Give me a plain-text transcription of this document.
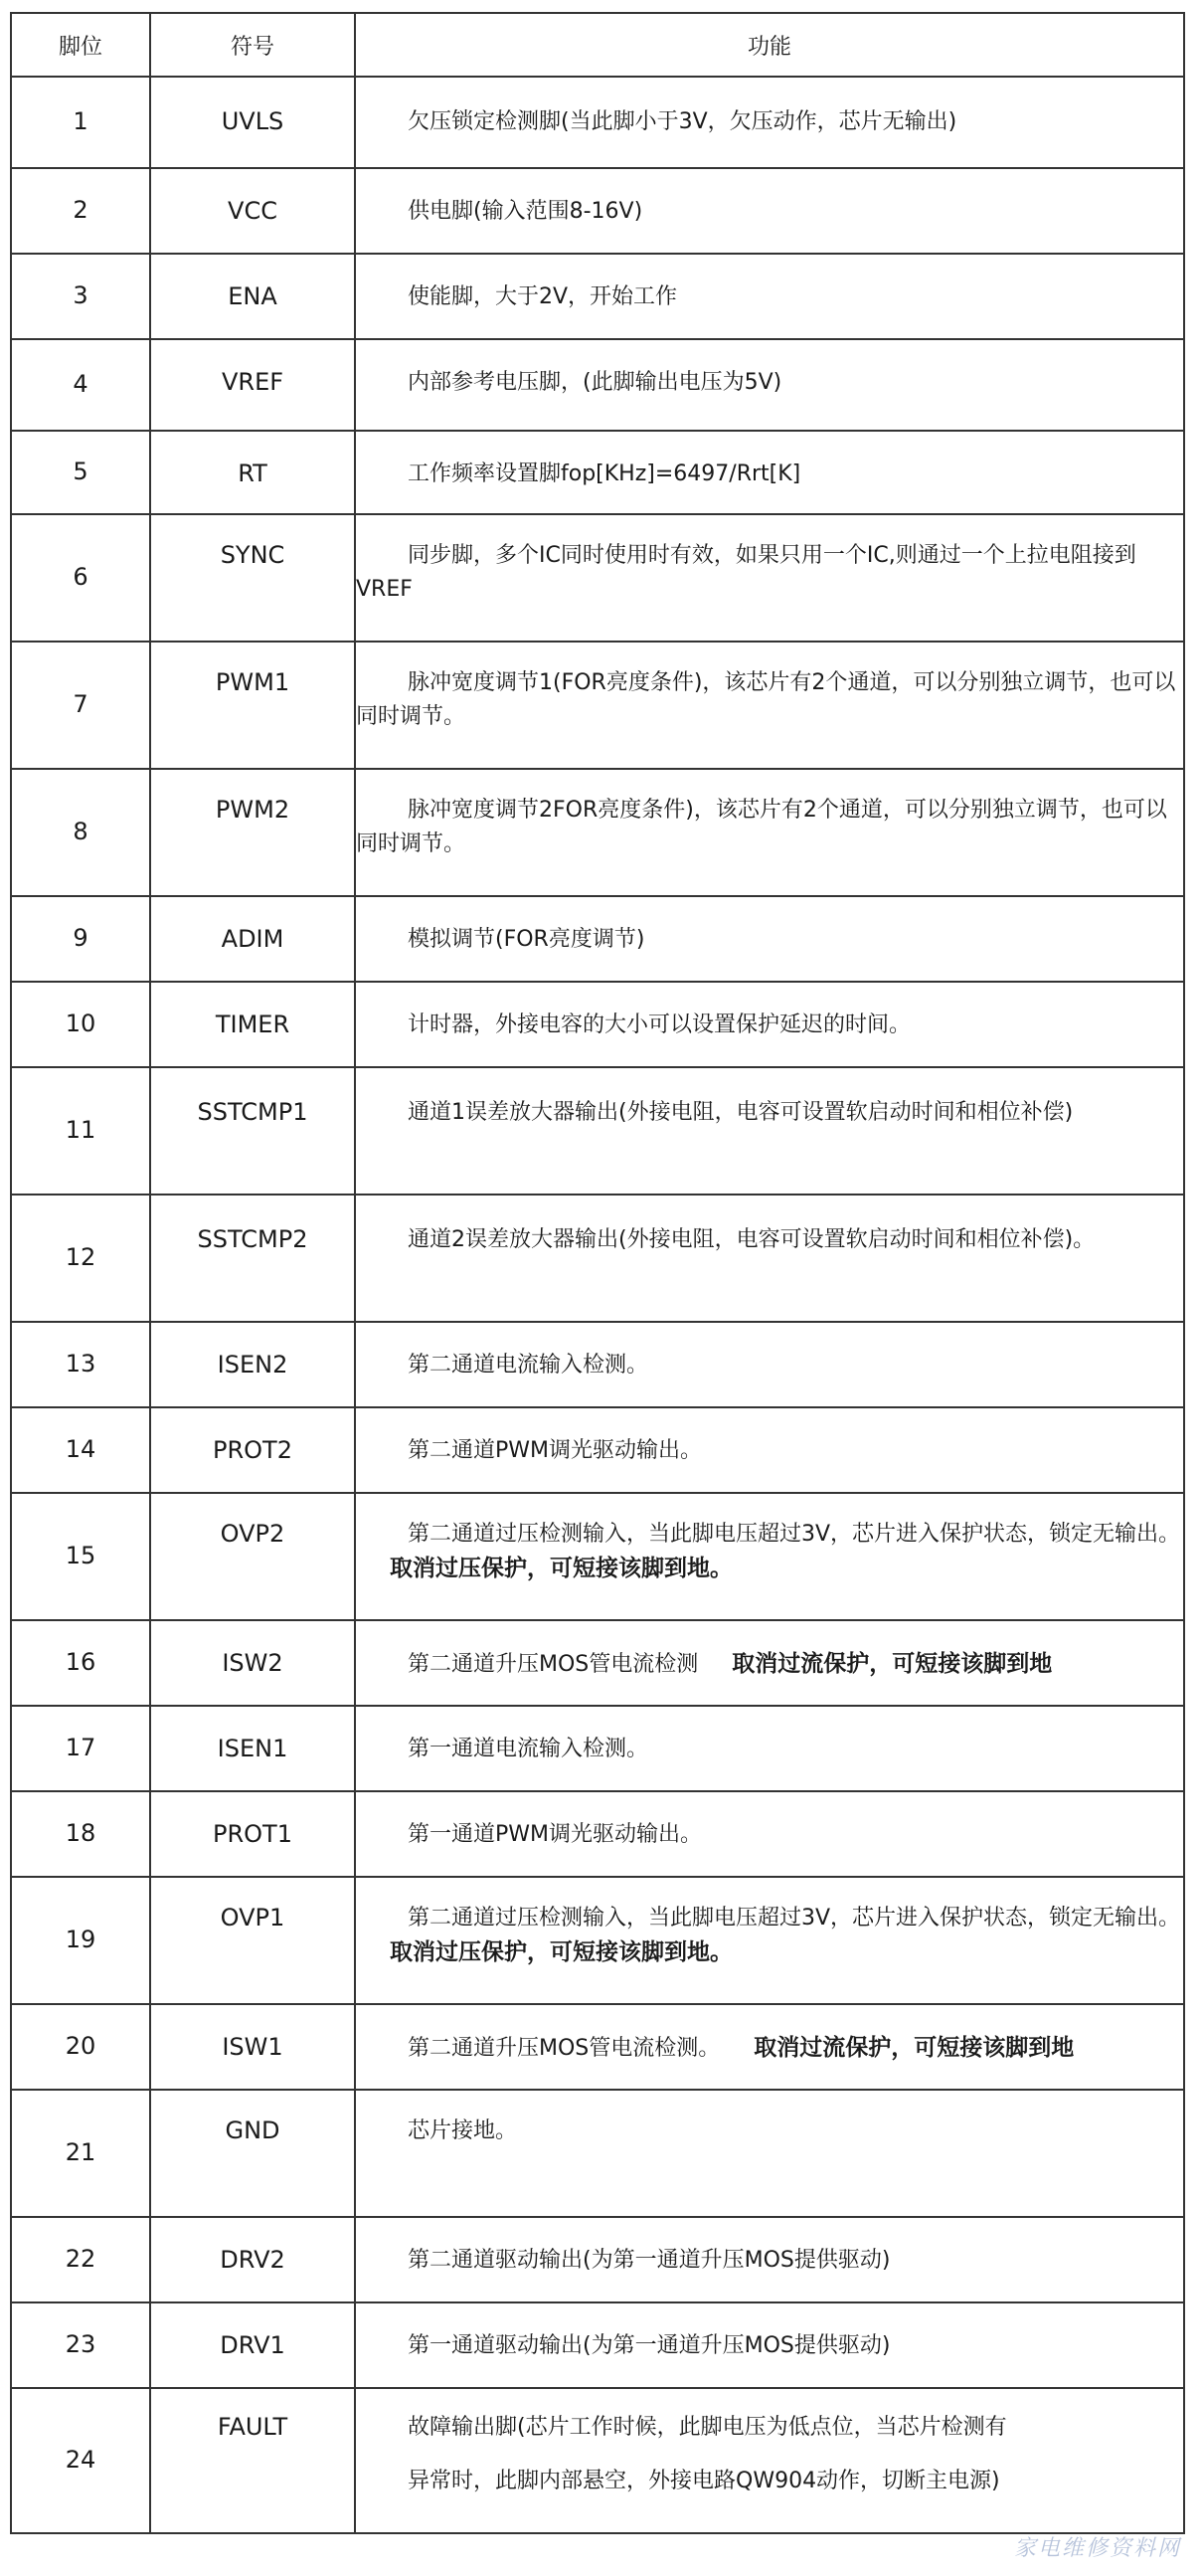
脚位	符号	功能

1	UVLS	欠压锁定检测脚(当此脚小于3V，欠压动作，芯片无输出)

2	VCC	供电脚(输入范围8-16V)

3	ENA	使能脚，大于2V，开始工作

4	VREF	内部参考电压脚，(此脚输出电压为5V)

5	RT	工作频率设置脚fop[KHz]=6497/Rrt[K]

6	SYNC	同步脚，多个IC同时使用时有效，如果只用一个IC,则通过一个上拉电阻接到VREF

7	PWM1	脉冲宽度调节1(FOR亮度条件)，该芯片有2个通道，可以分别独立调节，也可以同时调节。

8	PWM2	脉冲宽度调节2FOR亮度条件)，该芯片有2个通道，可以分别独立调节，也可以同时调节。

9	ADIM	模拟调节(FOR亮度调节)

10	TIMER	计时器，外接电容的大小可以设置保护延迟的时间。

11	SSTCMP1	通道1误差放大器输出(外接电阻，电容可设置软启动时间和相位补偿)

12	SSTCMP2	通道2误差放大器输出(外接电阻，电容可设置软启动时间和相位补偿)。

13	ISEN2	第二通道电流输入检测。

14	PROT2	第二通道PWM调光驱动输出。

15	OVP2	第二通道过压检测输入，当此脚电压超过3V，芯片进入保护状态，锁定无输出。取消过压保护，可短接该脚到地。

16	ISW2	第二通道升压MOS管电流检测 取消过流保护，可短接该脚到地

17	ISEN1	第一通道电流输入检测。

18	PROT1	第一通道PWM调光驱动输出。

19	OVP1	第二通道过压检测输入，当此脚电压超过3V，芯片进入保护状态，锁定无输出。取消过压保护，可短接该脚到地。

20	ISW1	第二通道升压MOS管电流检测。 取消过流保护，可短接该脚到地

21	GND	芯片接地。

22	DRV2	第二通道驱动输出(为第一通道升压MOS提供驱动)

23	DRV1	第一通道驱动输出(为第一通道升压MOS提供驱动)

24	FAULT	故障输出脚(芯片工作时候，此脚电压为低点位，当芯片检测有
异常时，此脚内部悬空，外接电路QW904动作，切断主电源)
家电维修资料网
